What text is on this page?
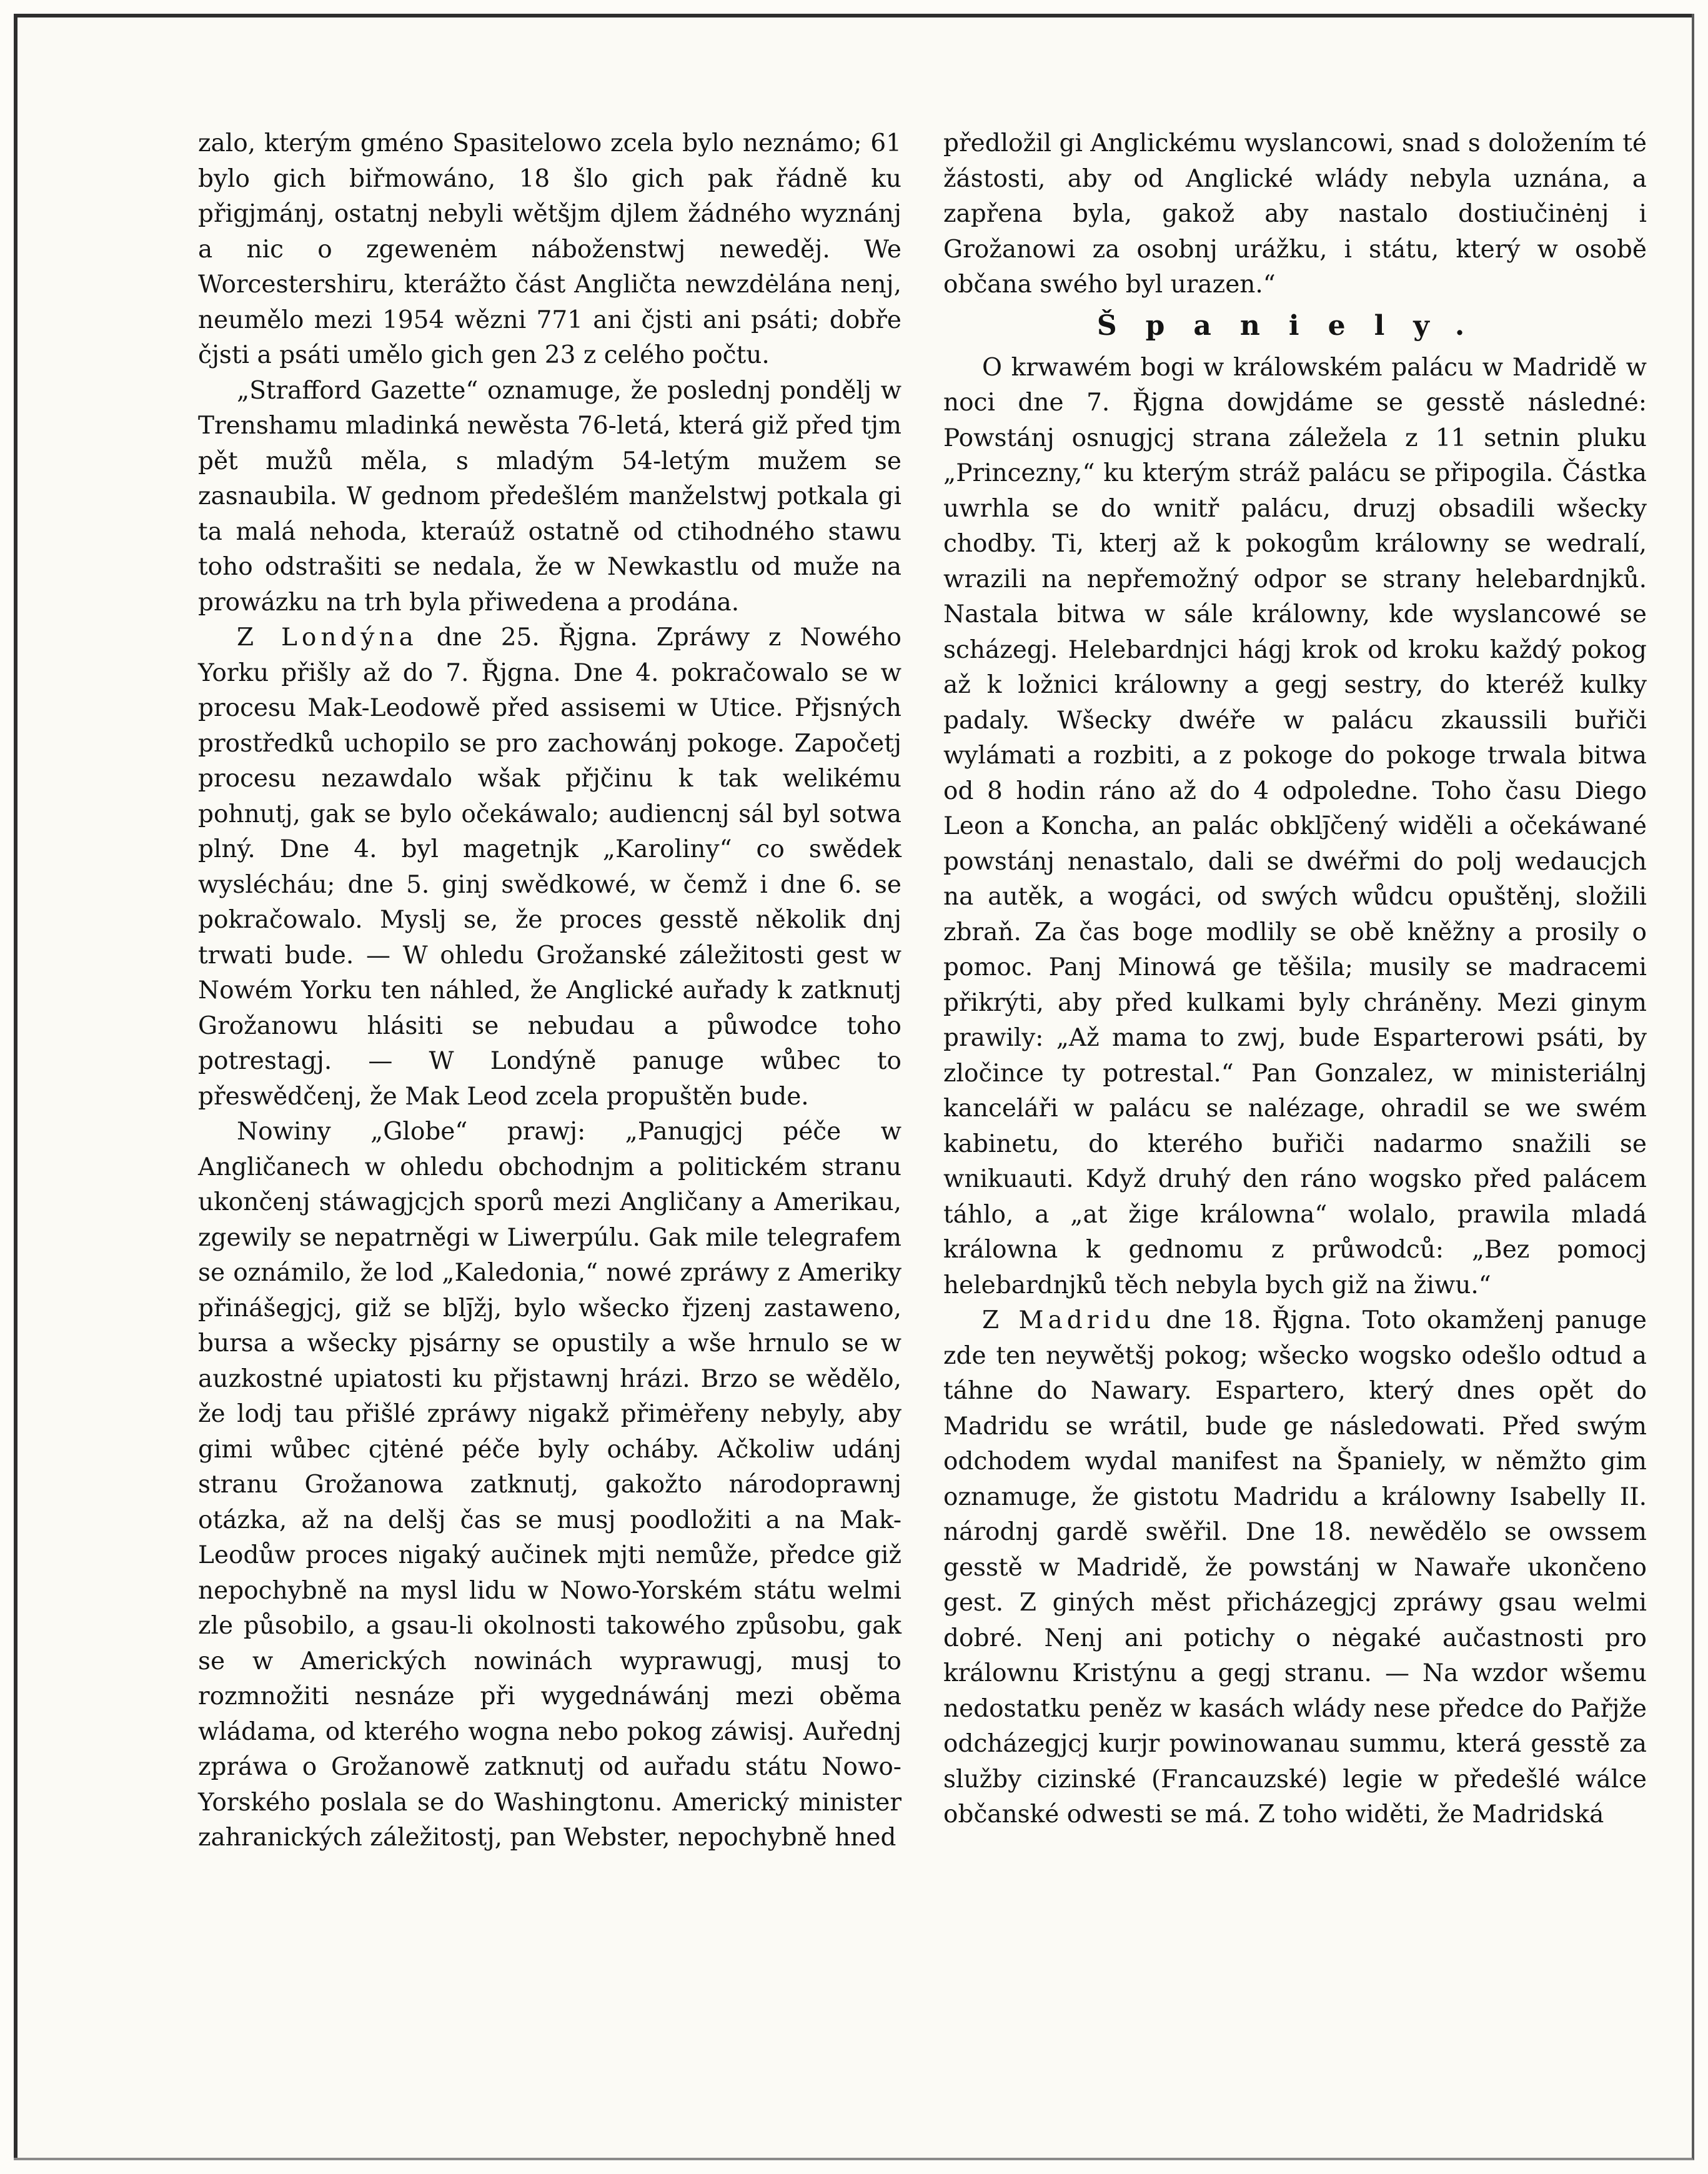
zalo, kterým gméno Spasitelowo zcela bylo neznámo; 61 bylo gich biřmowáno, 18 šlo gich pak řádně ku přigjmánj, ostatnj nebyli wětšjm djlem žádného wyznánj a nic o zgewenėm náboženstwj neweděj. We Worcestershiru, kterážto část Angličta newzdėlána nenj, neumělo mezi 1954 wězni 771 ani čjsti ani psáti; dobře čjsti a psáti umělo gich gen 23 z celého počtu.

„Strafford Gazette“ oznamuge, že poslednj pondělj w Trenshamu mladinká newěsta 76-letá, která giž před tjm pět mužů měla, s mladým 54-letým mužem se zasnaubila. W gednom předešlém manželstwj potkala gi ta malá nehoda, kteraúž ostatně od ctihodného stawu toho odstrašiti se nedala, že w Newkastlu od muže na prowázku na trh byla přiwedena a prodána.

Z Londýna dne 25. Řjgna. Zpráwy z Nowého Yorku přišly až do 7. Řjgna. Dne 4. pokračowalo se w procesu Mak-Leodowě před assisemi w Utice. Přjsných prostředků uchopilo se pro zachowánj pokoge. Započetj procesu nezawdalo wšak přjčinu k tak welikému pohnutj, gak se bylo očekáwalo; audiencnj sál byl sotwa plný. Dne 4. byl magetnjk „Karoliny“ co swědek wyslécháu; dne 5. ginj swědkowé, w čemž i dne 6. se pokračowalo. Myslj se, že proces gesstě několik dnj trwati bude. — W ohledu Grožanské záležitosti gest w Nowém Yorku ten náhled, že Anglické auřady k zatknutj Grožanowu hlásiti se nebudau a půwodce toho potrestagj. — W Londýně panuge wůbec to přeswědčenj, že Mak Leod zcela propuštěn bude.

Nowiny „Globe“ prawj: „Panugjcj péče w Angličanech w ohledu obchodnjm a politickém stranu ukončenj stáwagjcjch sporů mezi Angličany a Amerikau, zgewily se nepatrněgi w Liwerpúlu. Gak mile telegrafem se oznámilo, že lod „Kaledonia,“ nowé zpráwy z Ameriky přinášegjcj, giž se blj̄žj, bylo wšecko řjzenj zastaweno, bursa a wšecky pjsárny se opustily a wše hrnulo se w auzkostné upiatosti ku přjstawnj hrázi. Brzo se wědělo, že lodj tau přišlé zpráwy nigakž přimėřeny nebyly, aby gimi wůbec cjtėné péče byly ocháby. Ačkoliw udánj stranu Grožanowa zatknutj, gakožto národoprawnj otázka, až na delšj čas se musj poodložiti a na Mak-Leodůw proces nigaký aučinek mjti nemůže, předce giž nepochybně na mysl lidu w Nowo-Yorském státu welmi zle působilo, a gsau-li okolnosti takowého způsobu, gak se w Amerických nowinách wyprawugj, musj to rozmnožiti nesnáze při wygednáwánj mezi oběma wládama, od kterého wogna nebo pokog záwisj. Auřednj zpráwa o Grožanowě zatknutj od auřadu státu Nowo-Yorského poslala se do Washingtonu. Americký minister zahranických záležitostj, pan Webster, nepochybně hned

předložil gi Anglickému wyslancowi, snad s doložením té žástosti, aby od Anglické wlády nebyla uznána, a zapřena byla, gakož aby nastalo dostiučinėnj i Grožanowi za osobnj urážku, i státu, který w osobě občana swého byl urazen.“

Španiely.

O krwawém bogi w králowském palácu w Madridě w noci dne 7. Řjgna dowjdáme se gesstě následné: Powstánj osnugjcj strana záležela z 11 setnin pluku „Princezny,“ ku kterým stráž palácu se připogila. Částka uwrhla se do wnitř palácu, druzj obsadili wšecky chodby. Ti, kterj až k pokogům králowny se wedralí, wrazili na nepřemožný odpor se strany helebardnjků. Nastala bitwa w sále králowny, kde wyslancowé se scházegj. Helebardnjci hágj krok od kroku každý pokog až k ložnici králowny a gegj sestry, do kteréž kulky padaly. Wšecky dwéře w palácu zkaussili buřiči wylámati a rozbiti, a z pokoge do pokoge trwala bitwa od 8 hodin ráno až do 4 odpoledne. Toho času Diego Leon a Koncha, an palác obklj̄čený widěli a očekáwané powstánj nenastalo, dali se dwéřmi do polj wedaucjch na autěk, a wogáci, od swých wůdcu opuštěnj, složili zbraň. Za čas boge modlily se obě kněžny a prosily o pomoc. Panj Minowá ge těšila; musily se madracemi přikrýti, aby před kulkami byly chráněny. Mezi ginym prawily: „Až mama to zwj, bude Esparterowi psáti, by zločince ty potrestal.“ Pan Gonzalez, w ministeriálnj kanceláři w palácu se nalézage, ohradil se we swém kabinetu, do kterého buřiči nadarmo snažili se wnikuauti. Když druhý den ráno wogsko před palácem táhlo, a „at žige králowna“ wolalo, prawila mladá králowna k gednomu z průwodců: „Bez pomocj helebardnjků těch nebyla bych giž na žiwu.“

Z Madridu dne 18. Řjgna. Toto okamženj panuge zde ten neywětšj pokog; wšecko wogsko odešlo odtud a táhne do Nawary. Espartero, který dnes opět do Madridu se wrátil, bude ge následowati. Před swým odchodem wydal manifest na Španiely, w němžto gim oznamuge, že gistotu Madridu a králowny Isabelly II. národnj gardě swěřil. Dne 18. newědělo se owssem gesstě w Madridě, že powstánj w Nawaře ukončeno gest. Z giných měst přicházegjcj zpráwy gsau welmi dobré. Nenj ani potichy o nėgaké aučastnosti pro králownu Kristýnu a gegj stranu. — Na wzdor wšemu nedostatku peněz w kasách wlády nese předce do Pařjže odcházegjcj kurjr powinowanau summu, která gesstě za služby cizinské (Francauzské) legie w předešlé wálce občanské odwesti se má. Z toho widěti, že Madridská
